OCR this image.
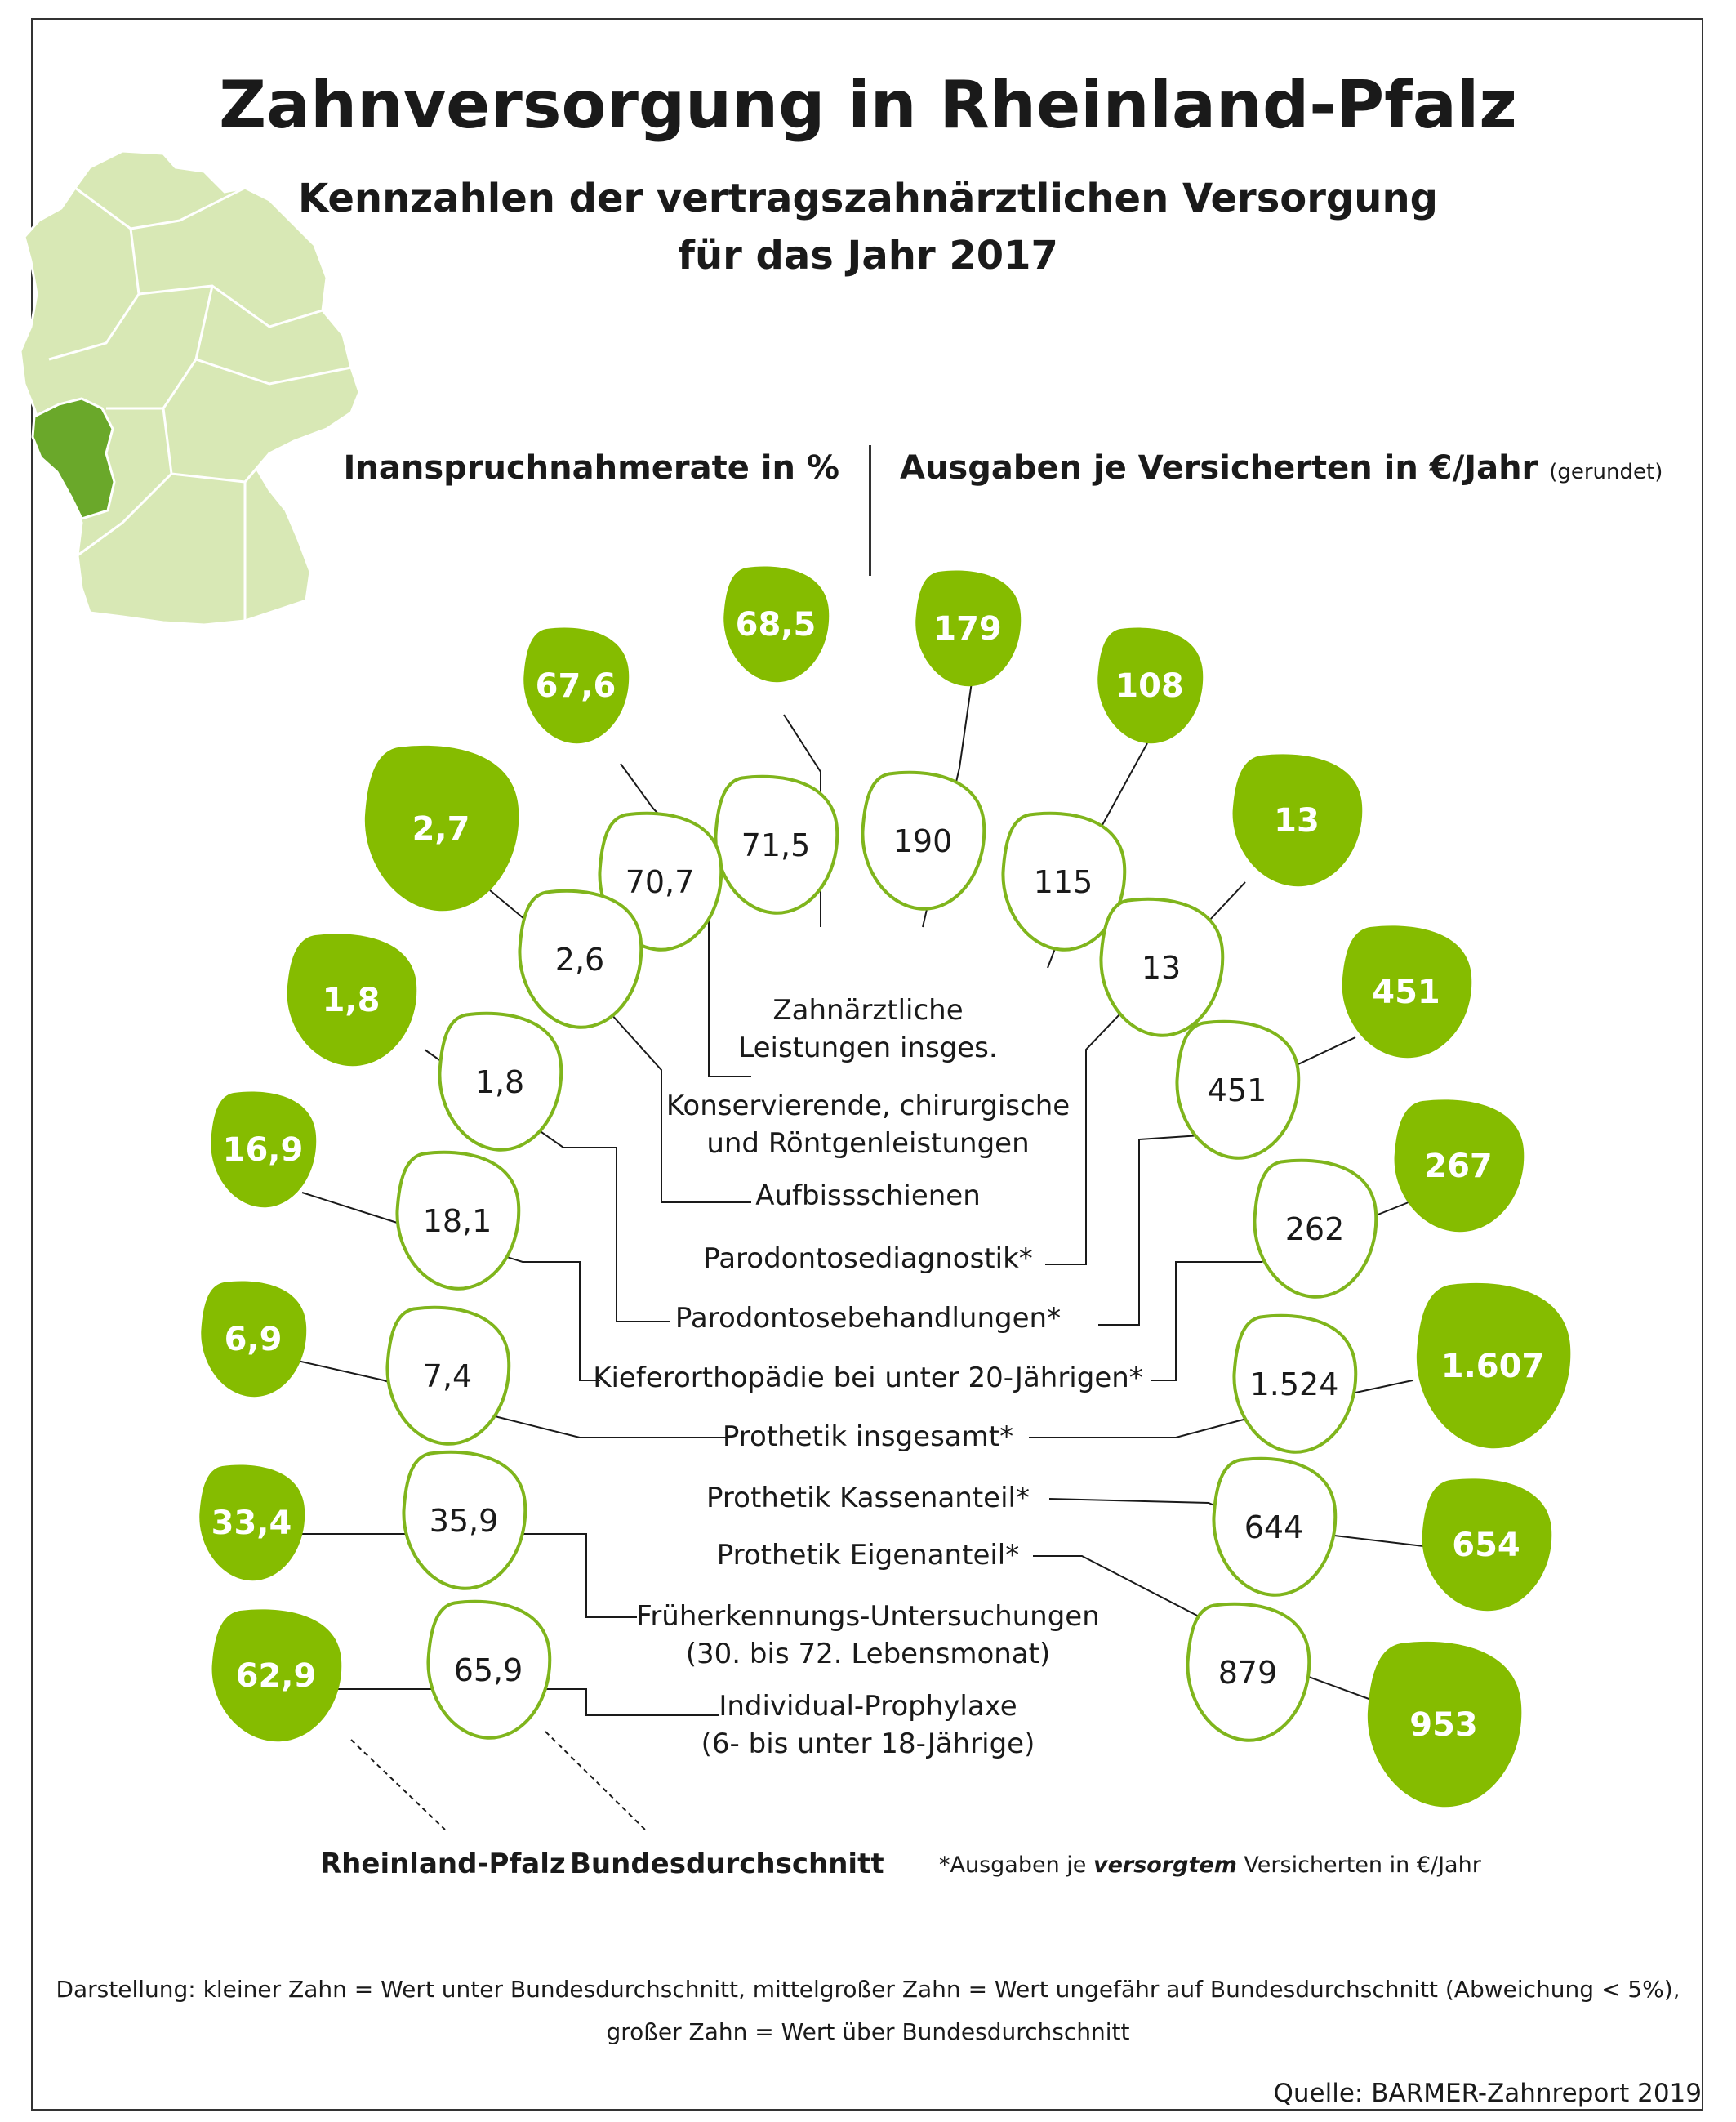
Zahnversorgung in Rheinland-Pfalz
Kennzahlen der vertragszahnärztlichen Versorgung
für das Jahr 2017
Inanspruchnahmerate in % Ausgaben je Versicherten in €/Jahr (gerundet)
71,5
68,5
70,7
67,6
2,6
2,7
1,8
1,8
18,1
16,9
7,4
6,9
35,9
33,4
65,9
62,9
190
179
115
108
13
13
451
451
262
267
1.524	1.607
644	654
879
953
Zahnärztliche Leistungen insges.
Konservierende, chirurgische und Röntgenleistungen
Aufbissschienen
Parodontosediagnostik*
Parodontosebehandlungen*
Kieferorthopädie bei unter 20-Jährigen*
Prothetik insgesamt*
Prothetik Kassenanteil*
Prothetik Eigenanteil*
Früherkennungs-Untersuchungen (30. bis 72. Lebensmonat)
Individual-Prophylaxe (6- bis unter 18-Jährige)
Rheinland-Pfalz Bundesdurchschnitt *Ausgaben je versorgtem Versicherten in €/Jahr
Darstellung: kleiner Zahn = Wert unter Bundesdurchschnitt, mittelgroßer Zahn = Wert ungefähr auf Bundesdurchschnitt (Abweichung < 5%),
großer Zahn = Wert über Bundesdurchschnitt
Quelle: BARMER-Zahnreport 2019
